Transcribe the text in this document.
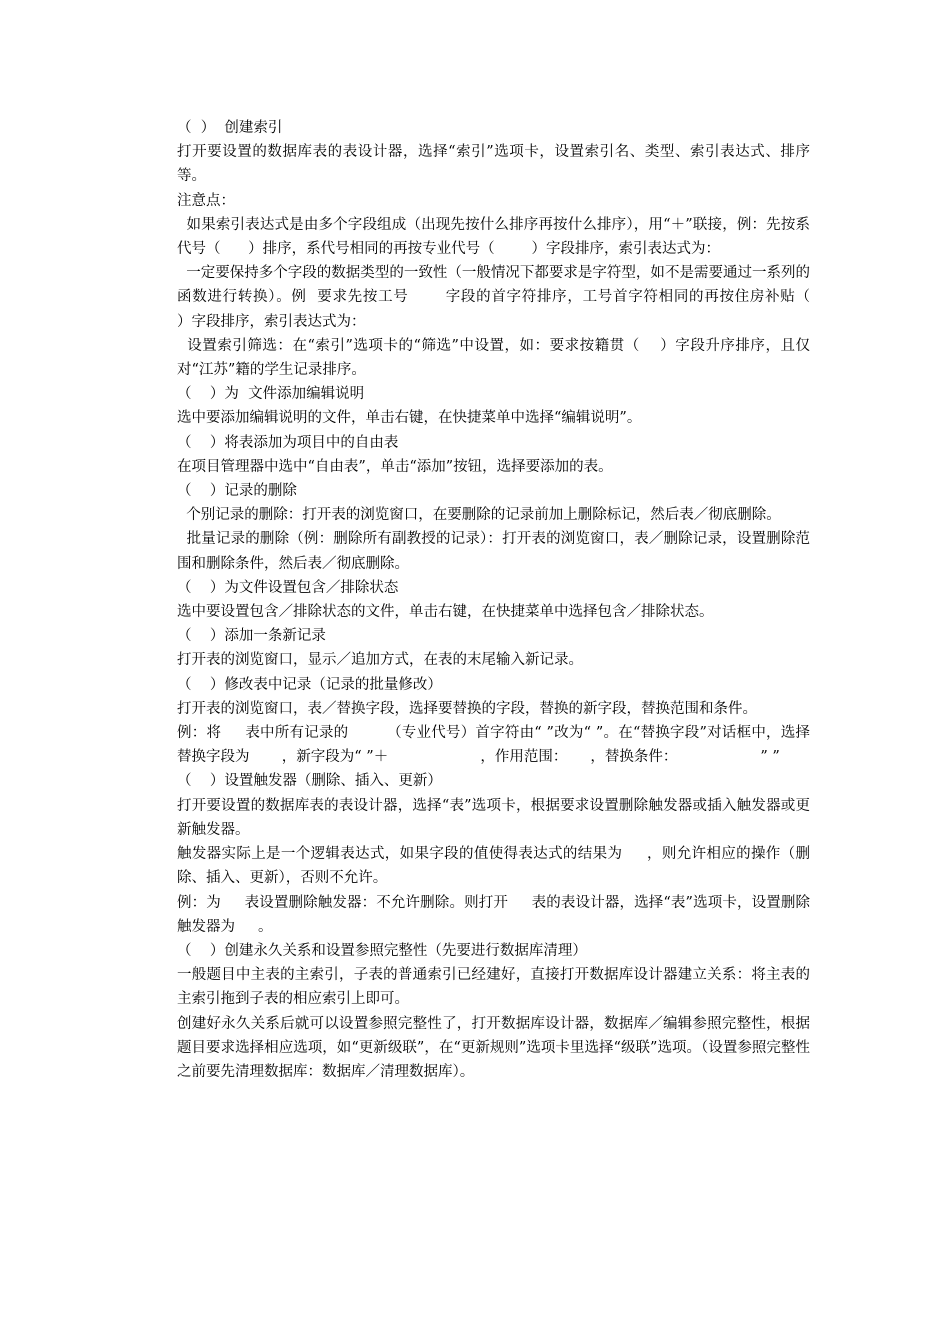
（  ）  创建索引

打开要设置的数据库表的表设计器，选择“索引”选项卡，设置索引名、类型、索引表达式、排序等。

注意点：

如果索引表达式是由多个字段组成（出现先按什么排序再按什么排序），用“＋”联接，例：先按系代号（      ）排序，系代号相同的再按专业代号（        ）字段排序，索引表达式为：

一定要保持多个字段的数据类型的一致性（一般情况下都要求是字符型，如不是需要通过一系列的函数进行转换）。例  要求先按工号       字段的首字符排序，工号首字符相同的再按住房补贴（        ）字段排序，索引表达式为：

设置索引筛选：在“索引”选项卡的“筛选”中设置，如：要求按籍贯（    ）字段升序排序，且仅对“江苏”籍的学生记录排序。

（    ）为  文件添加编辑说明

选中要添加编辑说明的文件，单击右键，在快捷菜单中选择“编辑说明”。

（    ）将表添加为项目中的自由表

在项目管理器中选中“自由表”，单击“添加”按钮，选择要添加的表。

（    ）记录的删除

个别记录的删除：打开表的浏览窗口，在要删除的记录前加上删除标记，然后表／彻底删除。

批量记录的删除（例：删除所有副教授的记录）：打开表的浏览窗口，表／删除记录，设置删除范围和删除条件，然后表／彻底删除。

（    ）为文件设置包含／排除状态

选中要设置包含／排除状态的文件，单击右键，在快捷菜单中选择包含／排除状态。

（    ）添加一条新记录

打开表的浏览窗口，显示／追加方式，在表的末尾输入新记录。

（    ）修改表中记录（记录的批量修改）

打开表的浏览窗口，表／替换字段，选择要替换的字段，替换的新字段，替换范围和条件。

例：将     表中所有记录的        （专业代号）首字符由“ ”改为“ ”。在“替换字段”对话框中，选择替换字段为       ，新字段为“ ”＋                    ，作用范围：     ，替换条件：                  ” ”

（    ）设置触发器（删除、插入、更新）

打开要设置的数据库表的表设计器，选择“表”选项卡，根据要求设置删除触发器或插入触发器或更新触发器。

触发器实际上是一个逻辑表达式，如果字段的值使得表达式的结果为     ，则允许相应的操作（删除、插入、更新），否则不允许。

例：为     表设置删除触发器：不允许删除。则打开     表的表设计器，选择“表”选项卡，设置删除触发器为     。

（    ）创建永久关系和设置参照完整性（先要进行数据库清理）

一般题目中主表的主索引，子表的普通索引已经建好，直接打开数据库设计器建立关系：将主表的主索引拖到子表的相应索引上即可。

创建好永久关系后就可以设置参照完整性了，打开数据库设计器，数据库／编辑参照完整性，根据题目要求选择相应选项，如“更新级联”，在“更新规则”选项卡里选择“级联”选项。（设置参照完整性之前要先清理数据库：数据库／清理数据库）。
